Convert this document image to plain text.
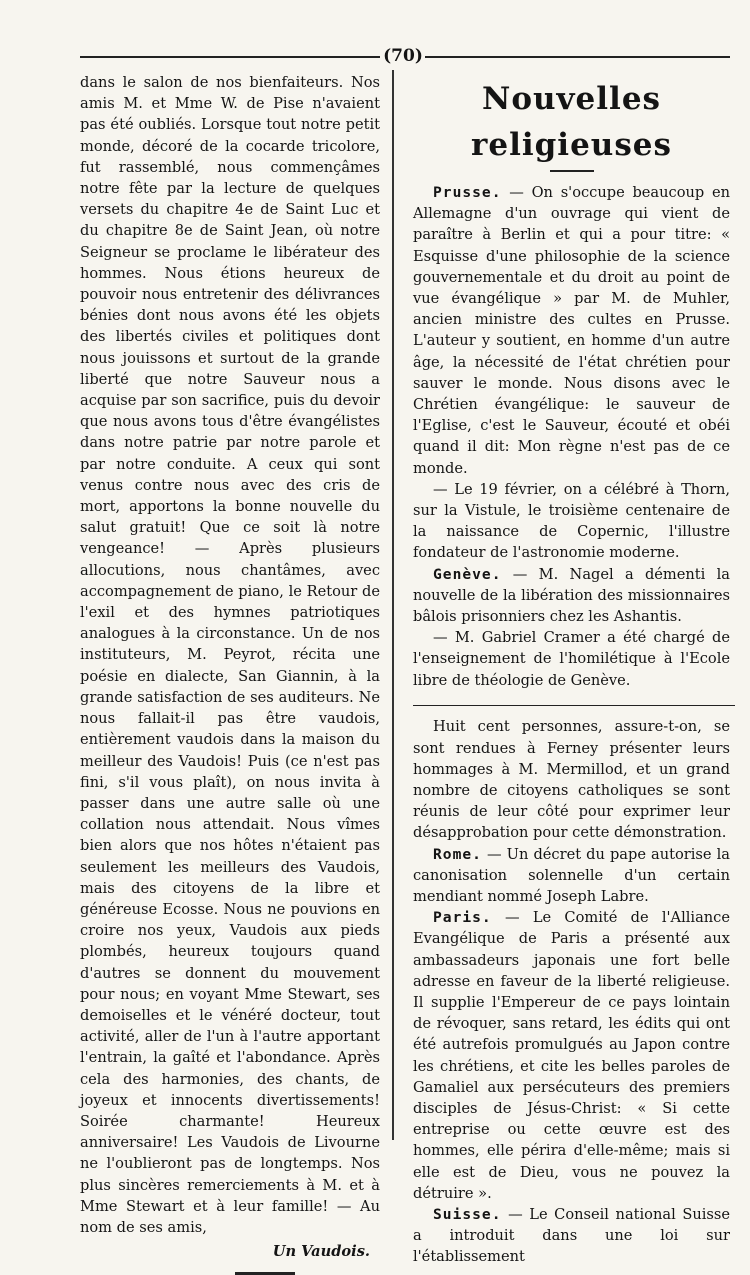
(70)

dans le salon de nos bienfaiteurs. Nos amis M. et Mme W. de Pise n'avaient pas été oubliés. Lorsque tout notre petit monde, décoré de la cocarde tricolore, fut rassemblé, nous commençâmes notre fête par la lecture de quelques versets du chapitre 4e de Saint Luc et du chapitre 8e de Saint Jean, où notre Seigneur se proclame le libérateur des hommes. Nous étions heureux de pouvoir nous entretenir des délivrances bénies dont nous avons été les objets des libertés civiles et politiques dont nous jouissons et surtout de la grande liberté que notre Sauveur nous a acquise par son sacrifice, puis du devoir que nous avons tous d'être évangélistes dans notre patrie par notre parole et par notre conduite. A ceux qui sont venus contre nous avec des cris de mort, apportons la bonne nouvelle du salut gratuit! Que ce soit là notre vengeance! — Après plusieurs allocutions, nous chantâmes, avec accompagnement de piano, le Retour de l'exil et des hymnes patriotiques analogues à la circonstance. Un de nos instituteurs, M. Peyrot, récita une poésie en dialecte, San Giannin, à la grande satisfaction de ses auditeurs. Ne nous fallait-il pas être vaudois, entièrement vaudois dans la maison du meilleur des Vaudois! Puis (ce n'est pas fini, s'il vous plaît), on nous invita à passer dans une autre salle où une collation nous attendait. Nous vîmes bien alors que nos hôtes n'étaient pas seulement les meilleurs des Vaudois, mais des citoyens de la libre et généreuse Ecosse. Nous ne pouvions en croire nos yeux, Vaudois aux pieds plombés, heureux toujours quand d'autres se donnent du mouvement pour nous; en voyant Mme Stewart, ses demoiselles et le vénéré docteur, tout activité, aller de l'un à l'autre apportant l'entrain, la gaîté et l'abondance. Après cela des harmonies, des chants, de joyeux et innocents divertissements! Soirée charmante! Heureux anniversaire! Les Vaudois de Livourne ne l'oublieront pas de longtemps. Nos plus sincères remerciements à M. et à Mme Stewart et à leur famille! — Au nom de ses amis,

Un Vaudois.

Nouvelles religieuses

Prusse. — On s'occupe beaucoup en Allemagne d'un ouvrage qui vient de paraître à Berlin et qui a pour titre: « Esquisse d'une philosophie de la science gouvernementale et du droit au point de vue évangélique » par M. de Muhler, ancien ministre des cultes en Prusse. L'auteur y soutient, en homme d'un autre âge, la nécessité de l'état chrétien pour sauver le monde. Nous disons avec le Chrétien évangélique: le sauveur de l'Eglise, c'est le Sauveur, écouté et obéi quand il dit: Mon règne n'est pas de ce monde.

— Le 19 février, on a célébré à Thorn, sur la Vistule, le troisième centenaire de la naissance de Copernic, l'illustre fondateur de l'astronomie moderne.

Genève. — M. Nagel a démenti la nouvelle de la libération des missionnaires bâlois prisonniers chez les Ashantis.

— M. Gabriel Cramer a été chargé de l'enseignement de l'homilétique à l'Ecole libre de théologie de Genève.

Huit cent personnes, assure-t-on, se sont rendues à Ferney présenter leurs hommages à M. Mermillod, et un grand nombre de citoyens catholiques se sont réunis de leur côté pour exprimer leur désapprobation pour cette démonstration.

Rome. — Un décret du pape autorise la canonisation solennelle d'un certain mendiant nommé Joseph Labre.

Paris. — Le Comité de l'Alliance Evangélique de Paris a présenté aux ambassadeurs japonais une fort belle adresse en faveur de la liberté religieuse. Il supplie l'Empereur de ce pays lointain de révoquer, sans retard, les édits qui ont été autrefois promulgués au Japon contre les chrétiens, et cite les belles paroles de Gamaliel aux persécuteurs des premiers disciples de Jésus-Christ: « Si cette entreprise ou cette œuvre est des hommes, elle périra d'elle-même; mais si elle est de Dieu, vous ne pouvez la détruire ».

Suisse. — Le Conseil national Suisse a introduit dans une loi sur l'établissement
